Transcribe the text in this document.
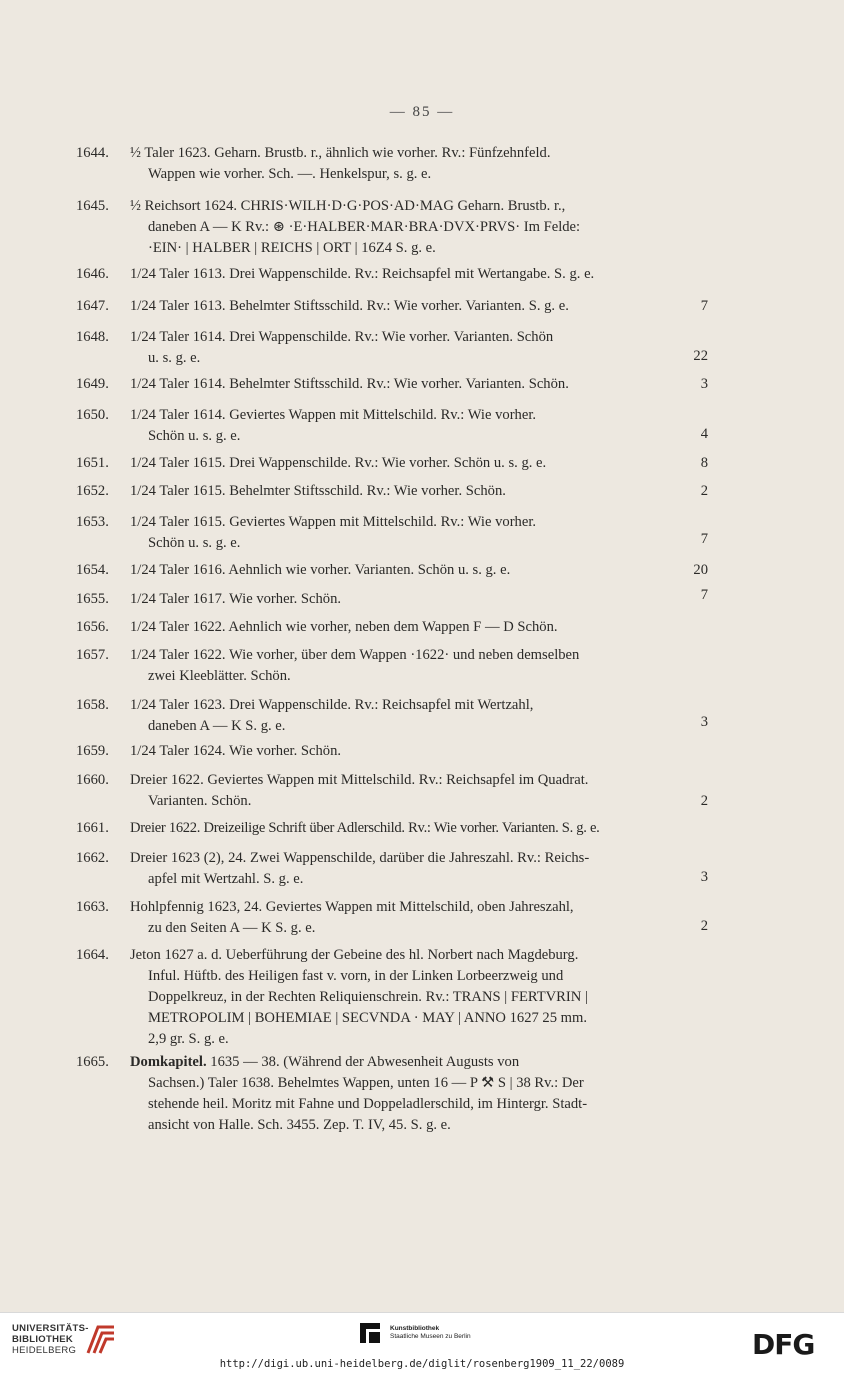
— 85 —
1644.	½ Taler 1623. Geharn. Brustb. r., ähnlich wie vorher. Rv.: Fünfzehnfeld.
Wappen wie vorher. Sch. —. Henkelspur, s. g. e.
1645.	½ Reichsort 1624. CHRIS·WILH·D·G·POS·AD·MAG Geharn. Brustb. r.,
daneben A — K Rv.: ⊛ ·E·HALBER·MAR·BRA·DVX·PRVS· Im Felde:
·EIN· | HALBER | REICHS | ORT | 16Z4 S. g. e.
1646.	1/24 Taler 1613. Drei Wappenschilde. Rv.: Reichsapfel mit Wertangabe. S. g. e.
1647.	1/24 Taler 1613. Behelmter Stiftsschild. Rv.: Wie vorher. Varianten. S. g. e.	7
1648.	1/24 Taler 1614. Drei Wappenschilde. Rv.: Wie vorher. Varianten. Schön
u. s. g. e.	22
1649.	1/24 Taler 1614. Behelmter Stiftsschild. Rv.: Wie vorher. Varianten. Schön.	3
1650.	1/24 Taler 1614. Geviertes Wappen mit Mittelschild. Rv.: Wie vorher.
Schön u. s. g. e.	4
1651.	1/24 Taler 1615. Drei Wappenschilde. Rv.: Wie vorher. Schön u. s. g. e.	8
1652.	1/24 Taler 1615. Behelmter Stiftsschild. Rv.: Wie vorher. Schön.	2
1653.	1/24 Taler 1615. Geviertes Wappen mit Mittelschild. Rv.: Wie vorher.
Schön u. s. g. e.	7
1654.	1/24 Taler 1616. Aehnlich wie vorher. Varianten. Schön u. s. g. e.	20
1655.	1/24 Taler 1617. Wie vorher. Schön.	7
1656.	1/24 Taler 1622. Aehnlich wie vorher, neben dem Wappen F — D Schön.
1657.	1/24 Taler 1622. Wie vorher, über dem Wappen ·1622· und neben demselben
zwei Kleeblätter. Schön.
1658.	1/24 Taler 1623. Drei Wappenschilde. Rv.: Reichsapfel mit Wertzahl,
daneben A — K S. g. e.	3
1659.	1/24 Taler 1624. Wie vorher. Schön.
1660.	Dreier 1622. Geviertes Wappen mit Mittelschild. Rv.: Reichsapfel im Quadrat.
Varianten. Schön.	2
1661.	Dreier 1622. Dreizeilige Schrift über Adlerschild. Rv.: Wie vorher. Varianten. S. g. e.
1662.	Dreier 1623 (2), 24. Zwei Wappenschilde, darüber die Jahreszahl. Rv.: Reichs-
apfel mit Wertzahl. S. g. e.	3
1663.	Hohlpfennig 1623, 24. Geviertes Wappen mit Mittelschild, oben Jahreszahl,
zu den Seiten A — K S. g. e.	2
1664.	Jeton 1627 a. d. Ueberführung der Gebeine des hl. Norbert nach Magdeburg.
Inful. Hüftb. des Heiligen fast v. vorn, in der Linken Lorbeerzweig und
Doppelkreuz, in der Rechten Reliquienschrein. Rv.: TRANS | FERTVRIN |
METROPOLIM | BOHEMIAE | SECVNDA · MAY | ANNO 1627 25 mm.
2,9 gr. S. g. e.
1665.	Domkapitel. 1635 — 38. (Während der Abwesenheit Augusts von
Sachsen.) Taler 1638. Behelmtes Wappen, unten 16 — P ⚒ S | 38 Rv.: Der
stehende heil. Moritz mit Fahne und Doppeladlerschild, im Hintergr. Stadt-
ansicht von Halle. Sch. 3455. Zep. T. IV, 45. S. g. e.
UNIVERSITÄTS-
BIBLIOTHEK
HEIDELBERG
Kunstbibliothek
Staatliche Museen zu Berlin	DFG
http://digi.ub.uni-heidelberg.de/diglit/rosenberg1909_11_22/0089
